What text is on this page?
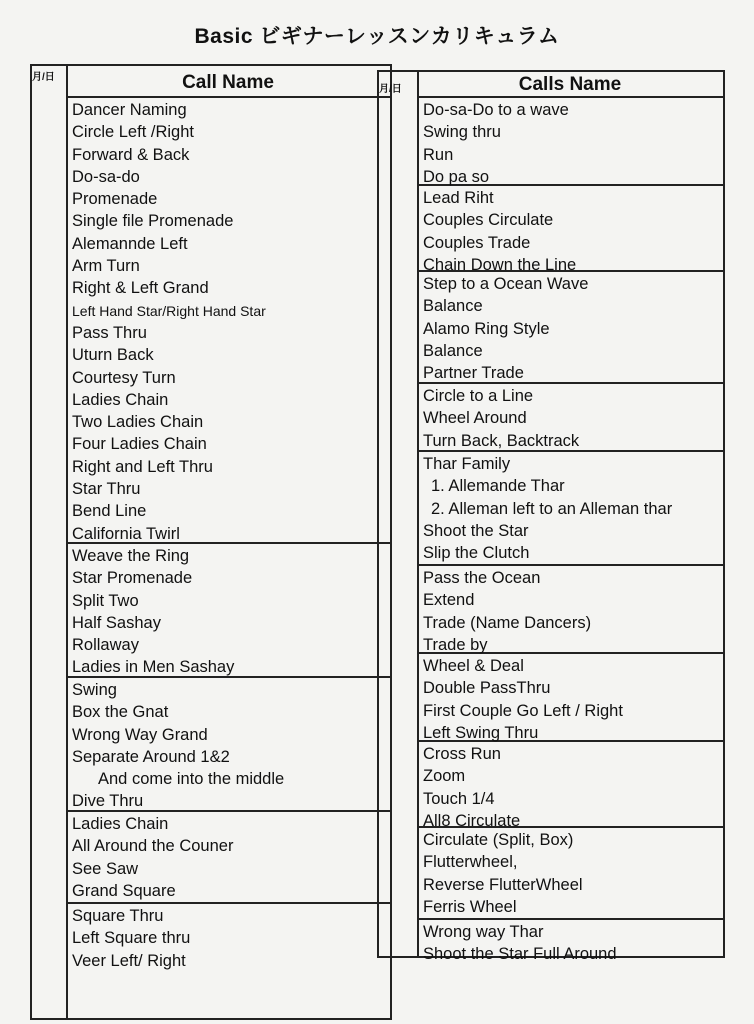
Basic ビギナーレッスンカリキュラム
月/日	Call Name
Dancer Naming
Circle Left /Right
Forward & Back
Do-sa-do
Promenade
Single file Promenade
Alemannde Left
Arm Turn
Right & Left Grand
Left Hand Star/Right Hand Star
Pass Thru
Uturn Back
Courtesy Turn
Ladies Chain
Two Ladies Chain
Four Ladies Chain
Right and Left Thru
Star Thru
Bend Line
California Twirl
Weave the Ring
Star Promenade
Split Two
Half Sashay
Rollaway
Ladies in Men Sashay
Swing
Box the Gnat
Wrong Way Grand
Separate Around 1&2
And come into the middle
Dive Thru
Ladies Chain
All Around the Couner
See Saw
Grand Square
Square Thru
Left Square thru
Veer Left/ Right
月/日	Calls Name
Do-sa-Do to a wave
Swing thru
Run
Do pa so
Lead Riht
Couples Circulate
Couples Trade
Chain Down the Line
Step to a Ocean Wave
Balance
Alamo Ring Style
Balance
Partner Trade
Circle to a Line
Wheel Around
Turn Back, Backtrack
Thar Family
1. Allemande Thar
2. Alleman left to an Alleman thar
Shoot the Star
Slip the Clutch
Pass the Ocean
Extend
Trade (Name Dancers)
Trade by
Wheel & Deal
Double PassThru
First Couple Go Left / Right
Left Swing Thru
Cross Run
Zoom
Touch 1/4
All8 Circulate
Circulate (Split, Box)
Flutterwheel,
Reverse FlutterWheel
Ferris Wheel
Wrong way Thar
Shoot the Star Full Around
